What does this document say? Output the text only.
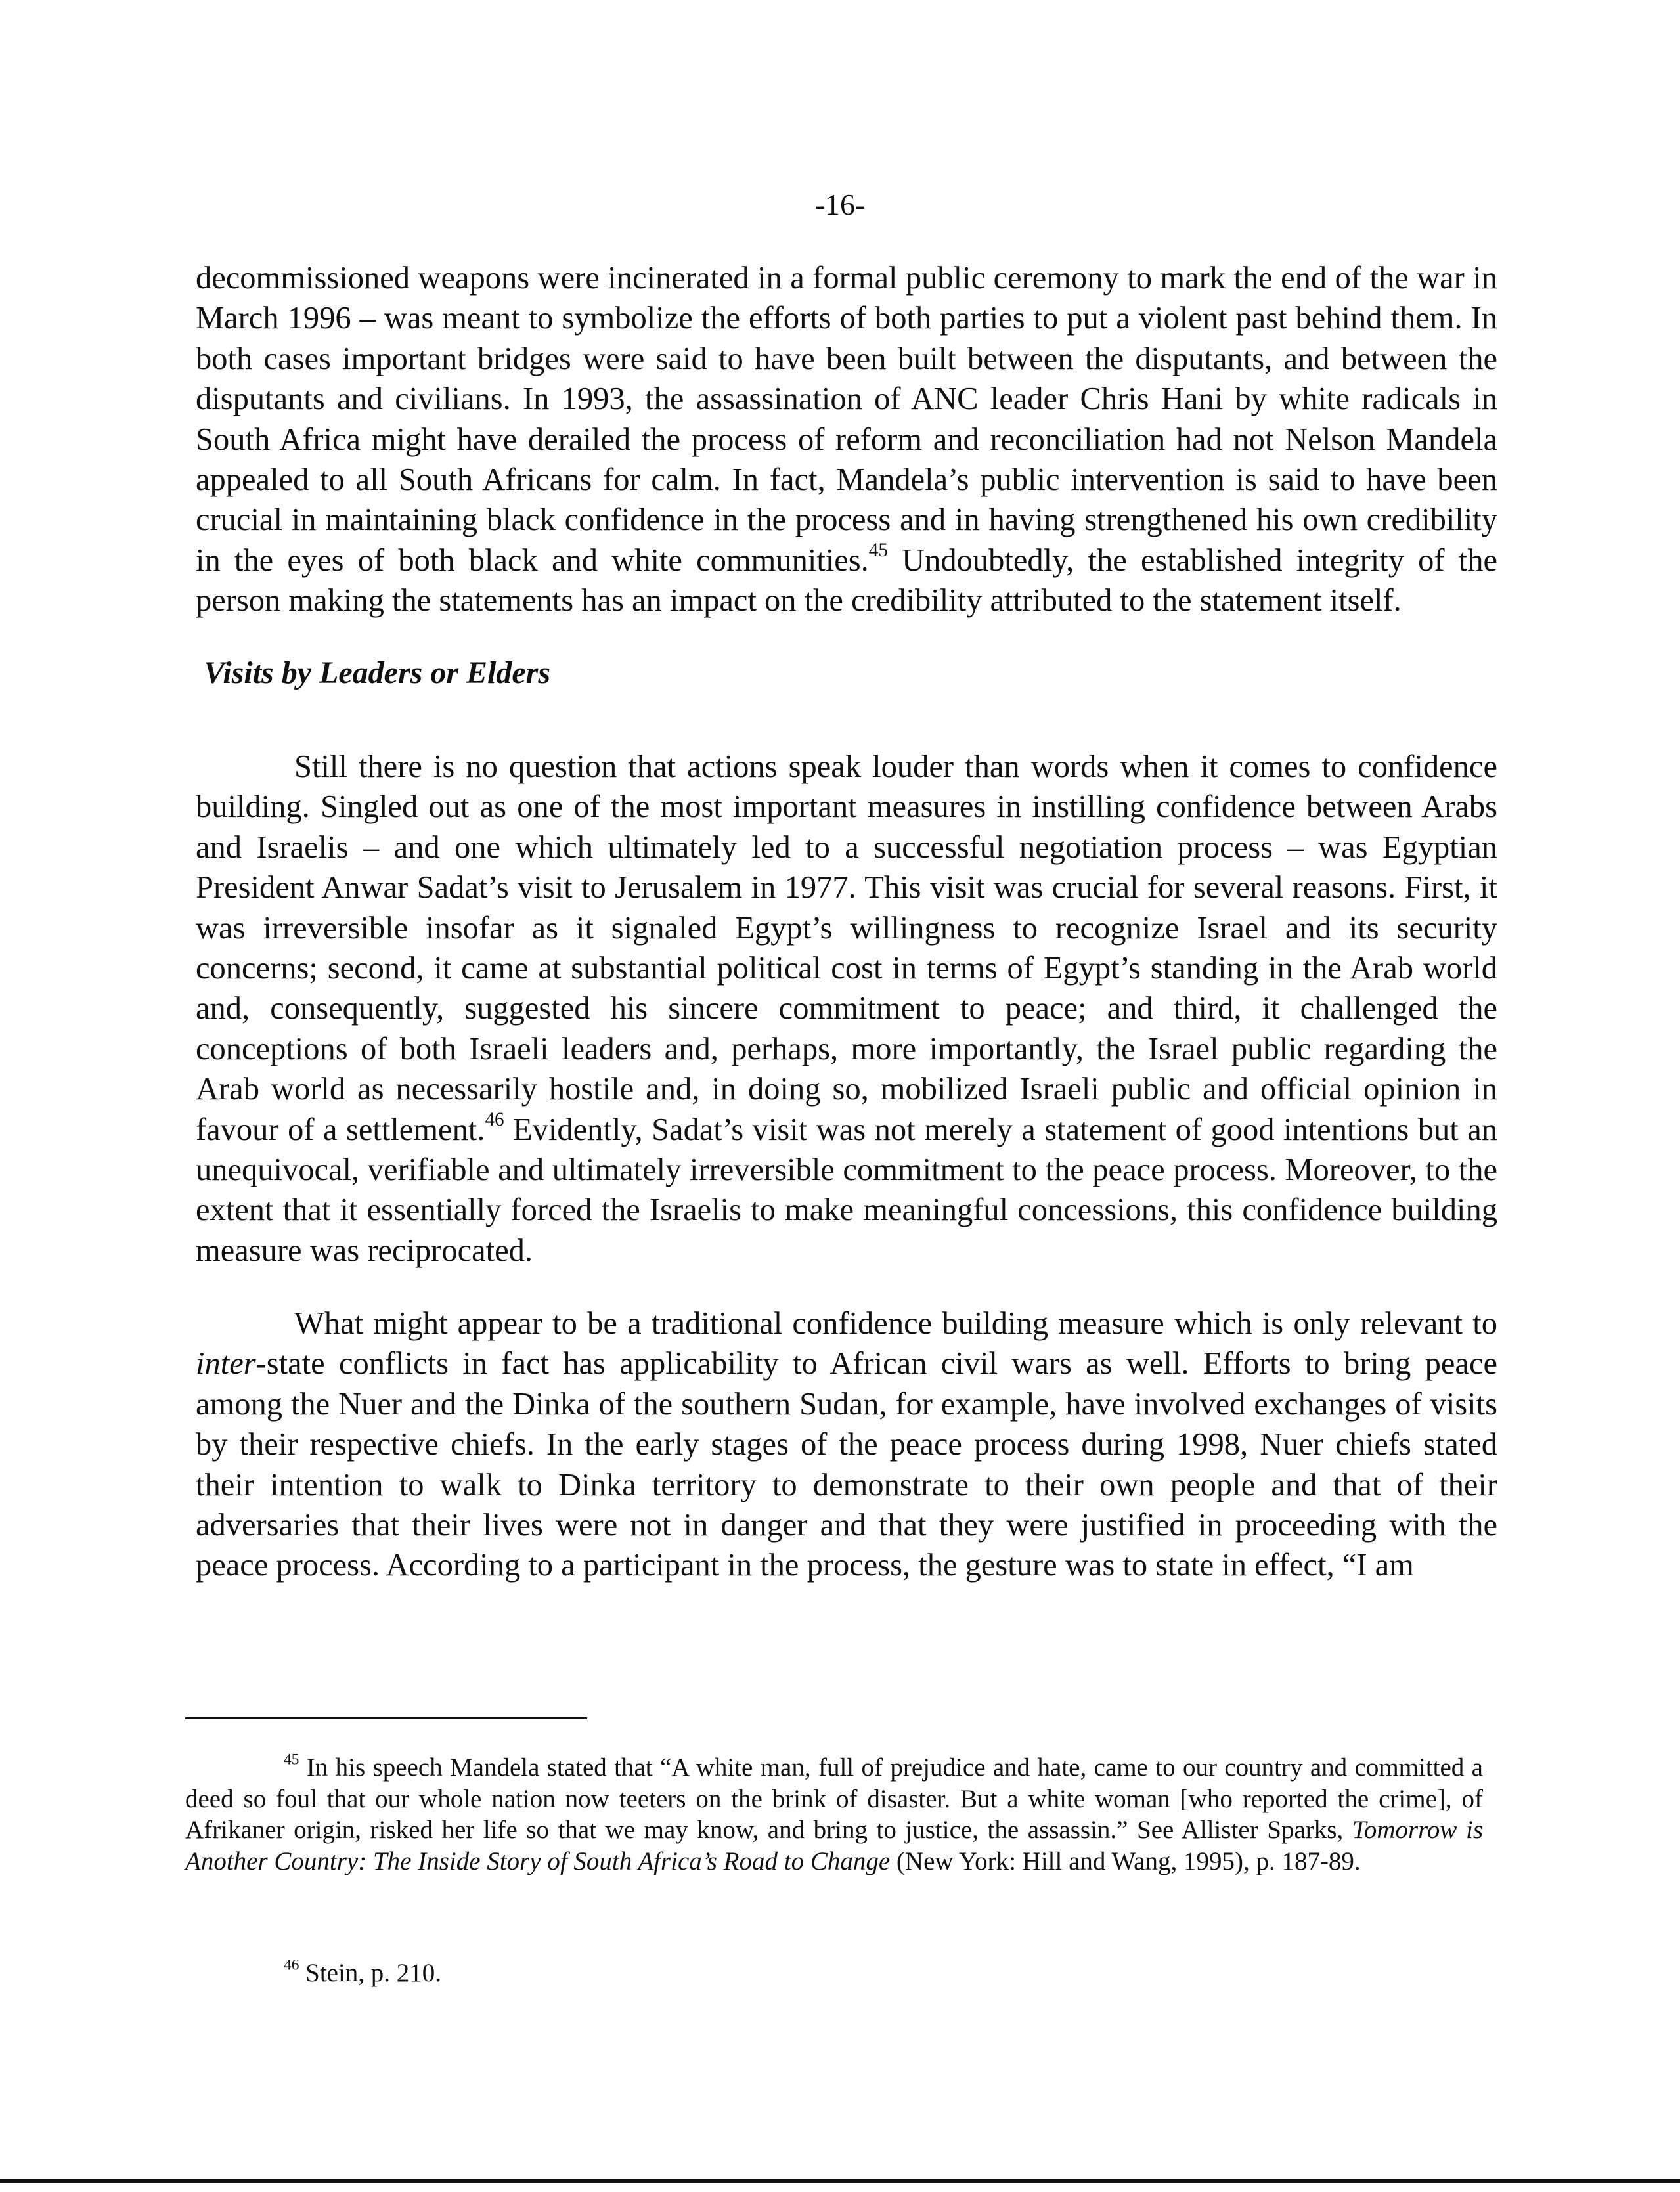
-16-

decommissioned weapons were incinerated in a formal public ceremony to mark the end of the war in March 1996 – was meant to symbolize the efforts of both parties to put a violent past behind them. In both cases important bridges were said to have been built between the disputants, and between the disputants and civilians. In 1993, the assassination of ANC leader Chris Hani by white radicals in South Africa might have derailed the process of reform and reconciliation had not Nelson Mandela appealed to all South Africans for calm. In fact, Mandela’s public intervention is said to have been crucial in maintaining black confidence in the process and in having strengthened his own credibility in the eyes of both black and white communities.$^{45}$ Undoubtedly, the established integrity of the person making the statements has an impact on the credibility attributed to the statement itself.

Visits by Leaders or Elders

Still there is no question that actions speak louder than words when it comes to confidence building. Singled out as one of the most important measures in instilling confidence between Arabs and Israelis – and one which ultimately led to a successful negotiation process – was Egyptian President Anwar Sadat’s visit to Jerusalem in 1977. This visit was crucial for several reasons. First, it was irreversible insofar as it signaled Egypt’s willingness to recognize Israel and its security concerns; second, it came at substantial political cost in terms of Egypt’s standing in the Arab world and, consequently, suggested his sincere commitment to peace; and third, it challenged the conceptions of both Israeli leaders and, perhaps, more importantly, the Israel public regarding the Arab world as necessarily hostile and, in doing so, mobilized Israeli public and official opinion in favour of a settlement.$^{46}$ Evidently, Sadat’s visit was not merely a statement of good intentions but an unequivocal, verifiable and ultimately irreversible commitment to the peace process. Moreover, to the extent that it essentially forced the Israelis to make meaningful concessions, this confidence building measure was reciprocated.

What might appear to be a traditional confidence building measure which is only relevant to inter-state conflicts in fact has applicability to African civil wars as well. Efforts to bring peace among the Nuer and the Dinka of the southern Sudan, for example, have involved exchanges of visits by their respective chiefs. In the early stages of the peace process during 1998, Nuer chiefs stated their intention to walk to Dinka territory to demonstrate to their own people and that of their adversaries that their lives were not in danger and that they were justified in proceeding with the peace process. According to a participant in the process, the gesture was to state in effect, “I am

$^{45}$ In his speech Mandela stated that “A white man, full of prejudice and hate, came to our country and committed a deed so foul that our whole nation now teeters on the brink of disaster. But a white woman [who reported the crime], of Afrikaner origin, risked her life so that we may know, and bring to justice, the assassin.” See Allister Sparks, Tomorrow is Another Country: The Inside Story of South Africa’s Road to Change (New York: Hill and Wang, 1995), p. 187-89.

$^{46}$ Stein, p. 210.
